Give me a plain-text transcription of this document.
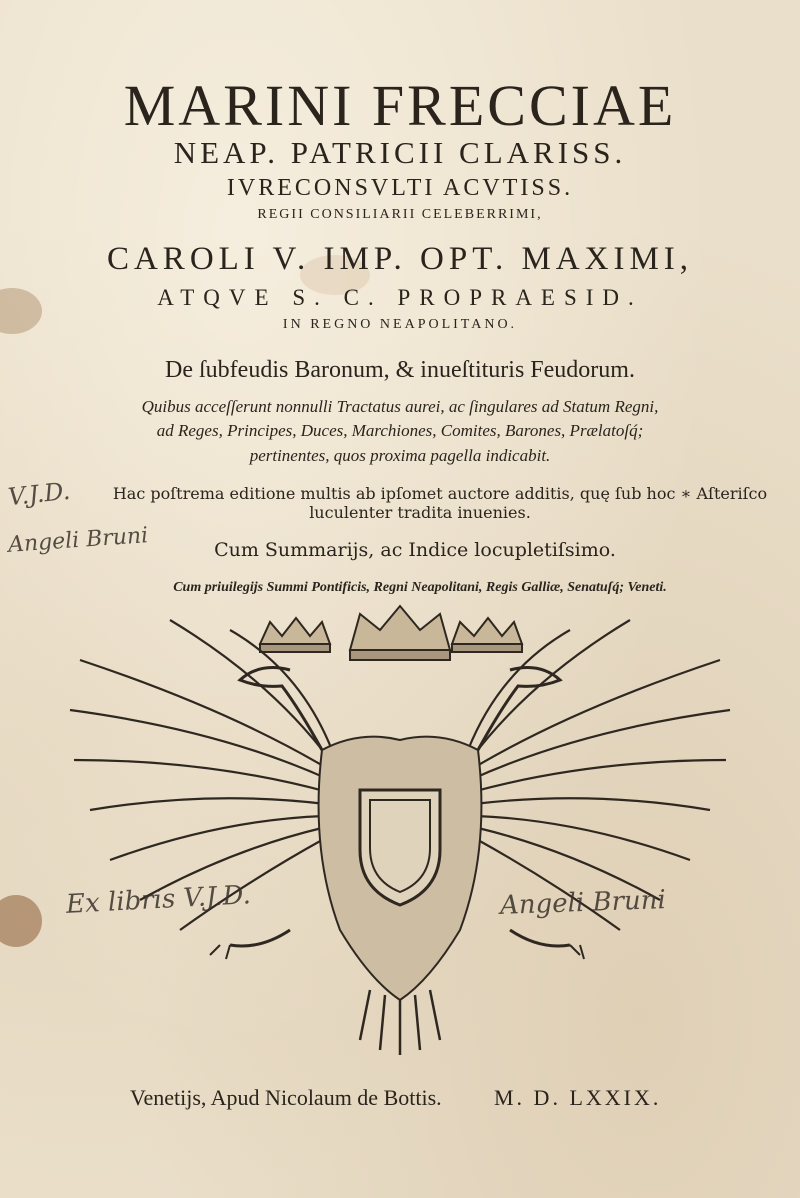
MARINI FRECCIAE
NEAP. PATRICII CLARISS.
IVRECONSVLTI ACVTISS.
REGII CONSILIARII CELEBERRIMI,
CAROLI V. IMP. OPT. MAXIMI,
ATQVE S. C. PROPRAESID.
IN REGNO NEAPOLITANO.
De ſubfeudis Baronum, & inueſtituris Feudorum.
Quibus acceſſerunt nonnulli Tractatus aurei, ac ſingulares ad Statum Regni,
ad Reges, Principes, Duces, Marchiones, Comites, Barones, Prælatoſq́;
pertinentes, quos proxima pagella indicabit.
Hac poſtrema editione multis ab ipſomet auctore additis, quę ſub hoc ∗ Aſteriſco
luculenter tradita inuenies.
Cum Summarijs, ac Indice locupletiſsimo.
Cum priuilegijs Summi Pontificis, Regni Neapolitani, Regis Galliæ, Senatuſq́; Veneti.
V.J.D.
Angeli Bruni
Ex libris V.J.D.	Angeli Bruni
Venetijs, Apud Nicolaum de Bottis. M. D. LXXIX.
